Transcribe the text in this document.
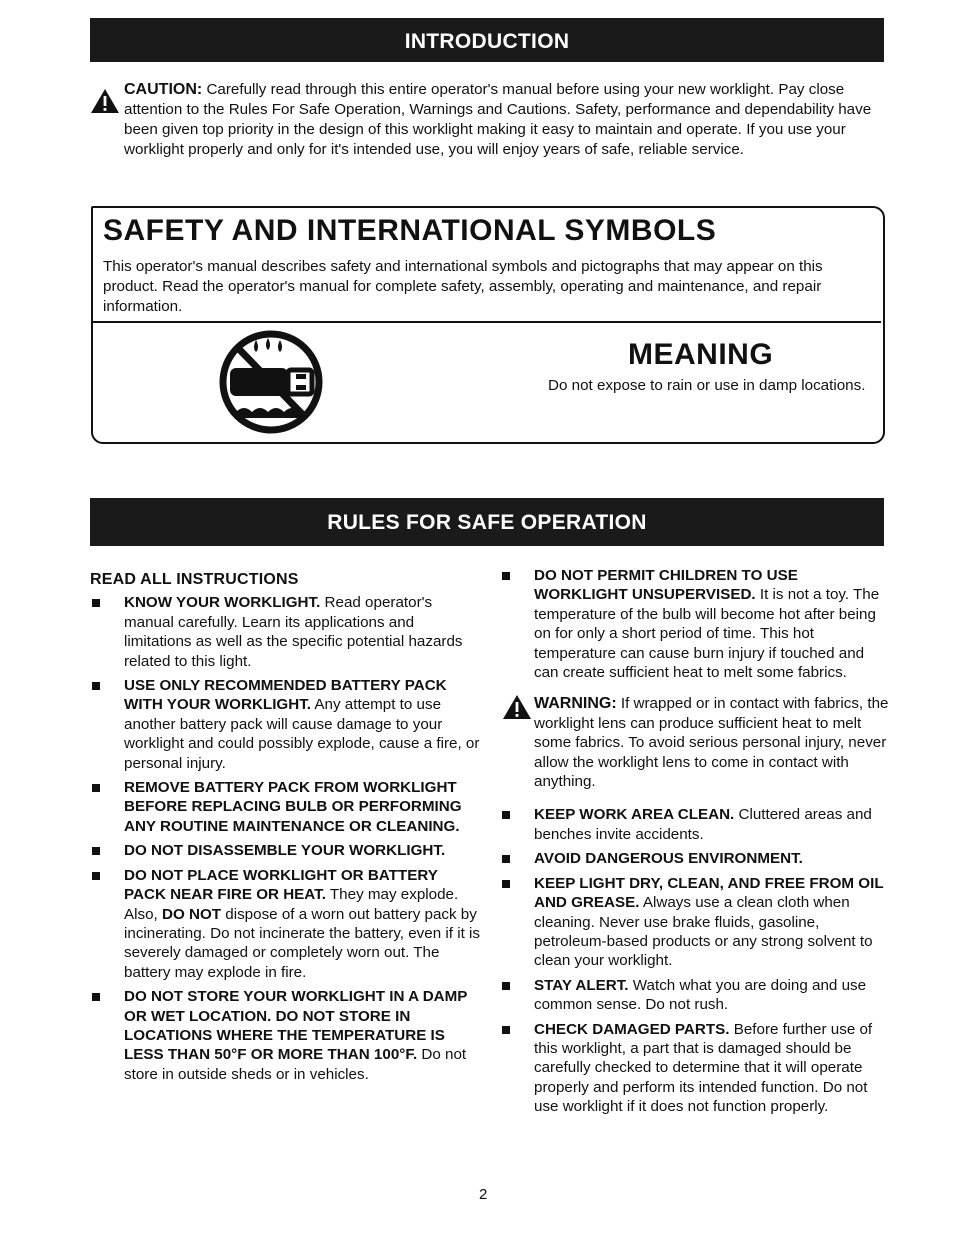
INTRODUCTION
CAUTION: Carefully read through this entire operator's manual before using your new worklight. Pay close attention to the Rules For Safe Operation, Warnings and Cautions. Safety, performance and dependability have been given top priority in the design of this worklight making it easy to maintain and operate. If you use your worklight properly and only for it's intended use, you will enjoy years of safe, reliable service.
SAFETY AND INTERNATIONAL SYMBOLS
This operator's manual describes safety and international symbols and pictographs that may appear on this product. Read the operator's manual for complete safety, assembly, operating and maintenance, and repair information.
MEANING
Do not expose to rain or use in damp locations.
RULES FOR SAFE OPERATION
READ ALL INSTRUCTIONS
KNOW YOUR WORKLIGHT. Read operator's manual carefully. Learn its applications and limitations as well as the specific potential hazards related to this light.
USE ONLY RECOMMENDED BATTERY PACK WITH YOUR WORKLIGHT. Any attempt to use another battery pack will cause damage to your worklight and could possibly explode, cause a fire, or personal injury.
REMOVE BATTERY PACK FROM WORKLIGHT BEFORE REPLACING BULB OR PERFORMING ANY ROUTINE MAINTENANCE OR CLEANING.
DO NOT DISASSEMBLE YOUR WORKLIGHT.
DO NOT PLACE WORKLIGHT OR BATTERY PACK NEAR FIRE OR HEAT. They may explode. Also, DO NOT dispose of a worn out battery pack by incinerating. Do not incinerate the battery, even if it is severely damaged or completely worn out. The battery may explode in fire.
DO NOT STORE YOUR WORKLIGHT IN A DAMP OR WET LOCATION. DO NOT STORE IN LOCATIONS WHERE THE TEMPERATURE IS LESS THAN 50°F OR MORE THAN 100°F. Do not store in outside sheds or in vehicles.
DO NOT PERMIT CHILDREN TO USE WORKLIGHT UNSUPERVISED. It is not a toy. The temperature of the bulb will become hot after being on for only a short period of time. This hot temperature can cause burn injury if touched and can create sufficient heat to melt some fabrics.
WARNING: If wrapped or in contact with fabrics, the worklight lens can produce sufficient heat to melt some fabrics. To avoid serious personal injury, never allow the worklight lens to come in contact with anything.
KEEP WORK AREA CLEAN. Cluttered areas and benches invite accidents.
AVOID DANGEROUS ENVIRONMENT.
KEEP LIGHT DRY, CLEAN, AND FREE FROM OIL AND GREASE. Always use a clean cloth when cleaning. Never use brake fluids, gasoline, petroleum-based products or any strong solvent to clean your worklight.
STAY ALERT. Watch what you are doing and use common sense. Do not rush.
CHECK DAMAGED PARTS. Before further use of this worklight, a part that is damaged should be carefully checked to determine that it will operate properly and perform its intended function. Do not use worklight if it does not function properly.
2
